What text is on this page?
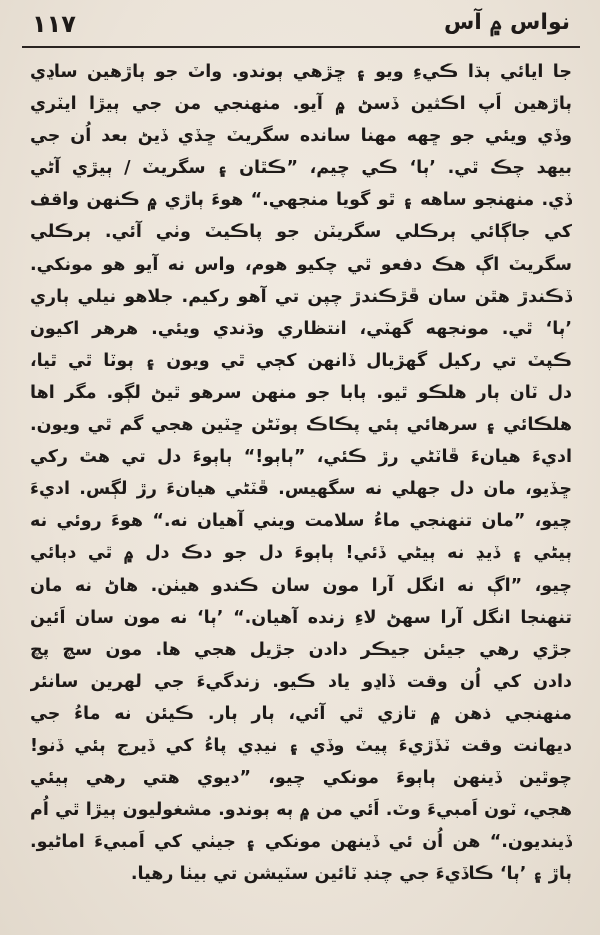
نواس ۾ آس
١١٧
جا ايائي ٻڌا ڪيءِ ويو ۽ ڇڙهي ٻوندو. واٽ جو ٻاڙهين ساڍي
ٻاڙهين اَپ اڪثين ڏسڻ ۾ آيو. منهنجي من جي ٻيڙا ايٽري
وڏي ويئي جو ڇهه مهنا سانده سگريٽ ڇڏي ڏيڻ بعد اُن جي
بيهد چڪ ٿي. ’ٻا‘ ڪي چيم، ”ڪٿان ۽ سگريٽ / ٻيڙي آڻي
ڏي. منهنجو ساهه ۽ ٿو گويا منجهي.“ هوءَ ٻاڙي ۾ ڪنهن واقف
کي جاڳائي ٻرڪلي سگريٽن جو پاڪيٽ وٺي آئي. ٻرڪلي
سگريٽ اڳ هڪ دفعو ٿي چکيو هوم، واس نه آيو هو مونکي.
ڏڪندڙ هٿن سان ڦڙڪندڙ چپن تي آهو رکيم. جلاهو نيلي ٻاري
’ٻا‘ ٿي. مونجهه گهٽي، انتظاري وڌندي ويئي. هرهر اکيون
ڪپٽ تي رکيل گهڙيال ڏانهن کڄي ٿي ويون ۽ ٻوٽا ٿي ٿيا،
دل ٽان ٻار هلڪو ٿيو. ٻابا جو منهن سرهو ٿيڻ لڳو. مگر اها
هلڪائي ۽ سرهائي ٻئي پڪاڪ ٻوٽڻن ڇٽين هجي گم ٿي ويون.
اديءَ هيانءَ ڦاٽڻي رڙ ڪئي، ”ٻاٻو!“ ٻاٻوءَ دل تي هٿ رکي
ڇڏيو، مان دل جهلي نه سگهيس. ڦٽڻي هيانءَ رڙ لڳس. اديءَ
چيو، ”مان تنهنجي ماءُ سلامت ويني آهيان نه.“ هوءَ روئي نه
ٻيڻي ۽ ڏيڍ نه ٻيڻي ڏئي! ٻاٻوءَ دل جو دڪ دل ۾ ٿي دٻائي
چيو، ”اڳ نه انگل آرا مون سان ڪندو هيٺن. هاڻ نه مان
تنهنجا انگل آرا سهڻ لاءِ زنده آهيان.“ ’ٻا‘ نه مون سان اَئين
جڙي رهي جيئن جيڪر دادن جڙيل هجي ها. مون سچ پچ
دادن کي اُن وقت ڏاڍو ياد ڪيو. زندگيءَ جي لهرين سانئر
منهنجي ذهن ۾ تازي ٿي آئي، ٻار ٻار. ڪيئن نه ماءُ جي
ديهانت وقت ٽڏڙيءَ پيٽ وڏي ۽ نيڊي پاءُ کي ڏيرج ٻئي ڏنو!
چوٿين ڏينهن ٻاٻوءَ مونکي چيو، ”ديوي هتي رهي ٻيئي
هجي، ٽون اَمبيءَ وٽ. اَئي من ۾ ٻه ٻوندو. مشغوليون ٻيڙا ٿي اُم
ڏينديون.“ هن اُن ئي ڏينهن مونکي ۽ جيٺي کي اَمبيءَ اماڻيو.
ٻاڙ ۽ ’ٻا‘ ڪاڏيءَ جي چنڊ ٽائين سٽيشن تي بيٺا رهيا.
